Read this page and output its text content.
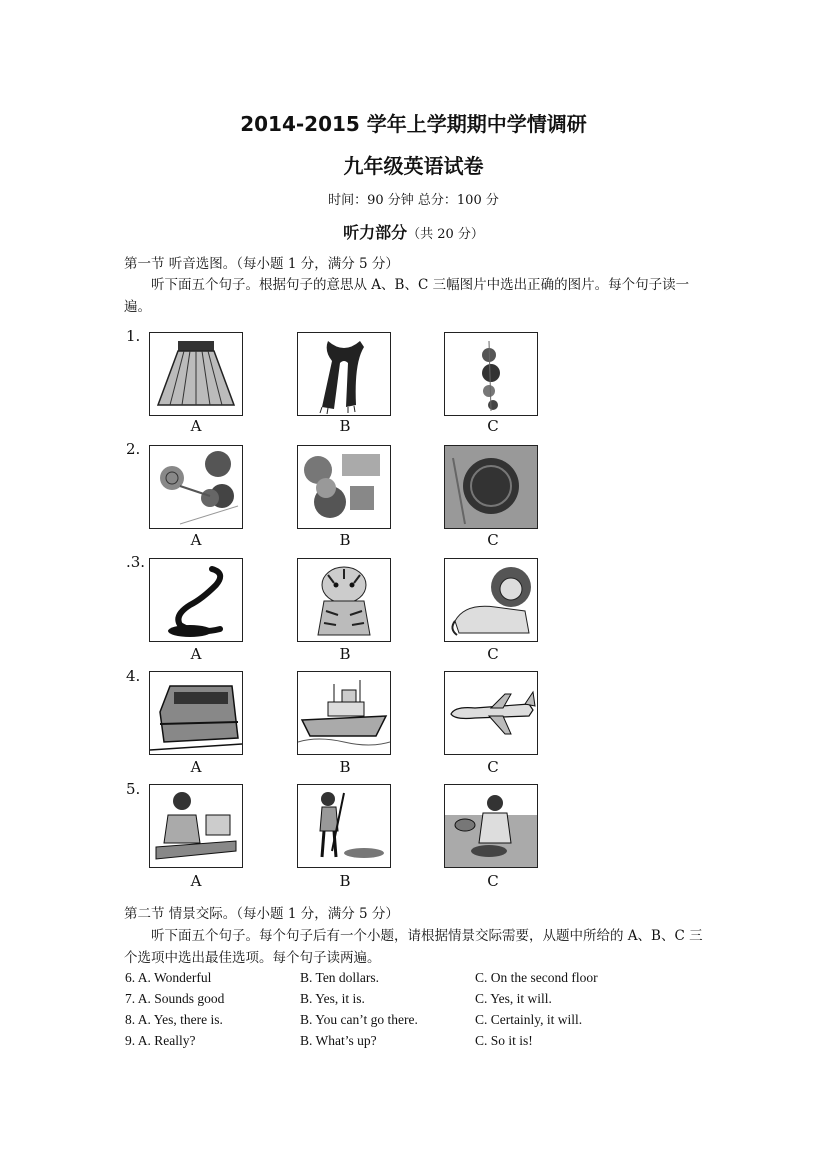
2014-2015 学年上学期期中学情调研
九年级英语试卷
时间：90 分钟 总分：100 分
听力部分（共 20 分）
第一节 听音选图。（每小题 1 分，满分 5 分）
听下面五个句子。根据句子的意思从 A、B、C 三幅图片中选出正确的图片。每个句子读一遍。
1.
A	B	C
2.
A	B	C
.3.
A	B	C
4.
A	B	C
5.
A	B	C
第二节 情景交际。（每小题 1 分，满分 5 分）
听下面五个句子。每个句子后有一个小题，请根据情景交际需要，从题中所给的 A、B、C 三个选项中选出最佳选项。每个句子读两遍。
6. A. Wonderful	B. Ten dollars.	C. On the second floor
7. A. Sounds good	B. Yes, it is.	C. Yes, it will.
8. A. Yes, there is.	B. You can’t go there.	C. Certainly, it will.
9. A. Really?	B. What’s up?	C. So it is!
